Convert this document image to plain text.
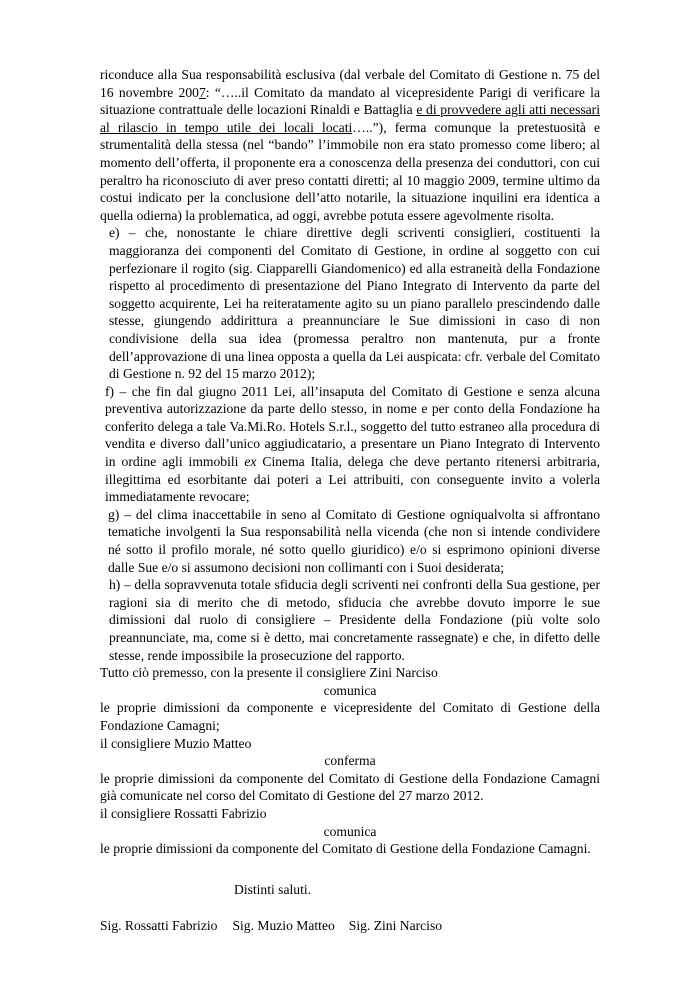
riconduce alla Sua responsabilità esclusiva (dal verbale del Comitato di Gestione n. 75 del 16 novembre 2007: “…..il Comitato da mandato al vicepresidente Parigi di verificare la situazione contrattuale delle locazioni Rinaldi e Battaglia e di provvedere agli atti necessari al rilascio in tempo utile dei locali locati…..”), ferma comunque la pretestuosità e strumentalità della stessa (nel “bando” l’immobile non era stato promesso come libero; al momento dell’offerta, il proponente era a conoscenza della presenza dei conduttori, con cui peraltro ha riconosciuto di aver preso contatti diretti; al 10 maggio 2009, termine ultimo da costui indicato per la conclusione dell’atto notarile, la situazione inquilini era identica a quella odierna) la problematica, ad oggi, avrebbe potuta essere agevolmente risolta.

e) – che, nonostante le chiare direttive degli scriventi consiglieri, costituenti la maggioranza dei componenti del Comitato di Gestione, in ordine al soggetto con cui perfezionare il rogito (sig. Ciapparelli Giandomenico) ed alla estraneità della Fondazione rispetto al procedimento di presentazione del Piano Integrato di Intervento da parte del soggetto acquirente, Lei ha reiteratamente agito su un piano parallelo prescindendo dalle stesse, giungendo addirittura a preannunciare le Sue dimissioni in caso di non condivisione della sua idea (promessa peraltro non mantenuta, pur a fronte dell’approvazione di una linea opposta a quella da Lei auspicata: cfr. verbale del Comitato di Gestione n. 92 del 15 marzo 2012);

f) – che fin dal giugno 2011 Lei, all’insaputa del Comitato di Gestione e senza alcuna preventiva autorizzazione da parte dello stesso, in nome e per conto della Fondazione ha conferito delega a tale Va.Mi.Ro. Hotels S.r.l., soggetto del tutto estraneo alla procedura di vendita e diverso dall’unico aggiudicatario, a presentare un Piano Integrato di Intervento in ordine agli immobili ex Cinema Italia, delega che deve pertanto ritenersi arbitraria, illegittima ed esorbitante dai poteri a Lei attribuiti, con conseguente invito a volerla immediatamente revocare;

g) – del clima inaccettabile in seno al Comitato di Gestione ogniqualvolta si affrontano tematiche involgenti la Sua responsabilità nella vicenda (che non si intende condividere né sotto il profilo morale, né sotto quello giuridico) e/o si esprimono opinioni diverse dalle Sue e/o si assumono decisioni non collimanti con i Suoi desiderata;

h) – della sopravvenuta totale sfiducia degli scriventi nei confronti della Sua gestione, per ragioni sia di merito che di metodo, sfiducia che avrebbe dovuto imporre le sue dimissioni dal ruolo di consigliere – Presidente della Fondazione (più volte solo preannunciate, ma, come si è detto, mai concretamente rassegnate) e che, in difetto delle stesse, rende impossibile la prosecuzione del rapporto.

Tutto ciò premesso, con la presente il consigliere Zini Narciso

comunica

le proprie dimissioni da componente e vicepresidente del Comitato di Gestione della Fondazione Camagni;

il consigliere Muzio Matteo

conferma

le proprie dimissioni da componente del Comitato di Gestione della Fondazione Camagni già comunicate nel corso del Comitato di Gestione del 27 marzo 2012.

il consigliere Rossatti Fabrizio

comunica

le proprie dimissioni da componente del Comitato di Gestione della Fondazione Camagni.

Distinti saluti.

Sig. Rossatti Fabrizio Sig. Muzio Matteo Sig. Zini Narciso
